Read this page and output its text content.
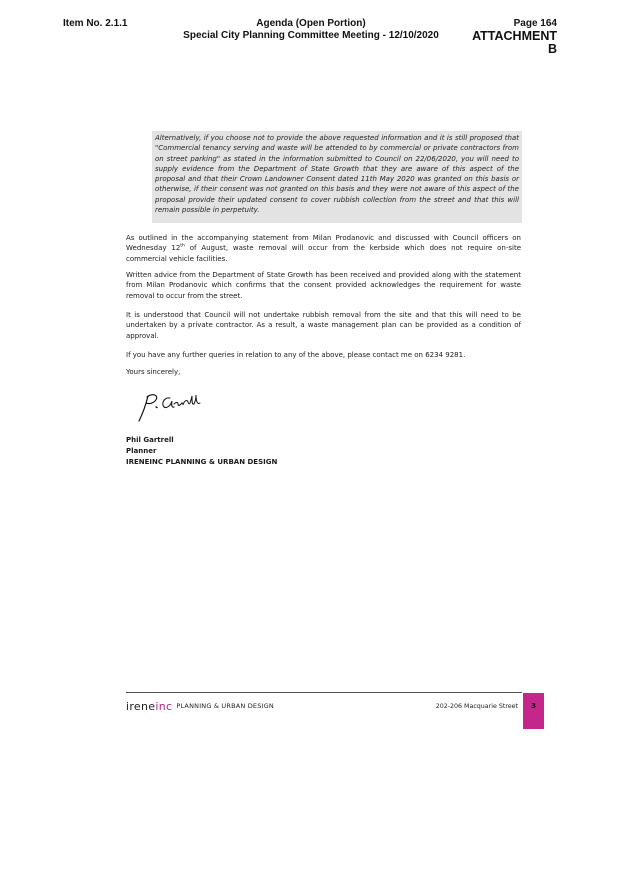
Item No. 2.1.1	Agenda (Open Portion)
Special City Planning Committee Meeting - 12/10/2020
Page 164
ATTACHMENT B
Alternatively, if you choose not to provide the above requested information and it is still proposed that "Commercial tenancy serving and waste will be attended to by commercial or private contractors from on street parking" as stated in the information submitted to Council on 22/06/2020, you will need to supply evidence from the Department of State Growth that they are aware of this aspect of the proposal and that their Crown Landowner Consent dated 11th May 2020 was granted on this basis or otherwise, if their consent was not granted on this basis and they were not aware of this aspect of the proposal provide their updated consent to cover rubbish collection from the street and that this will remain possible in perpetuity.
As outlined in the accompanying statement from Milan Prodanovic and discussed with Council officers on Wednesday 12th of August, waste removal will occur from the kerbside which does not require on-site commercial vehicle facilities.
Written advice from the Department of State Growth has been received and provided along with the statement from Milan Prodanovic which confirms that the consent provided acknowledges the requirement for waste removal to occur from the street.
It is understood that Council will not undertake rubbish removal from the site and that this will need to be undertaken by a private contractor. As a result, a waste management plan can be provided as a condition of approval.
If you have any further queries in relation to any of the above, please contact me on 6234 9281.
Yours sincerely,
Phil Gartrell
Planner
IRENEINC PLANNING & URBAN DESIGN
ireneinc PLANNING & URBAN DESIGN	202-206 Macquarie Street	3
